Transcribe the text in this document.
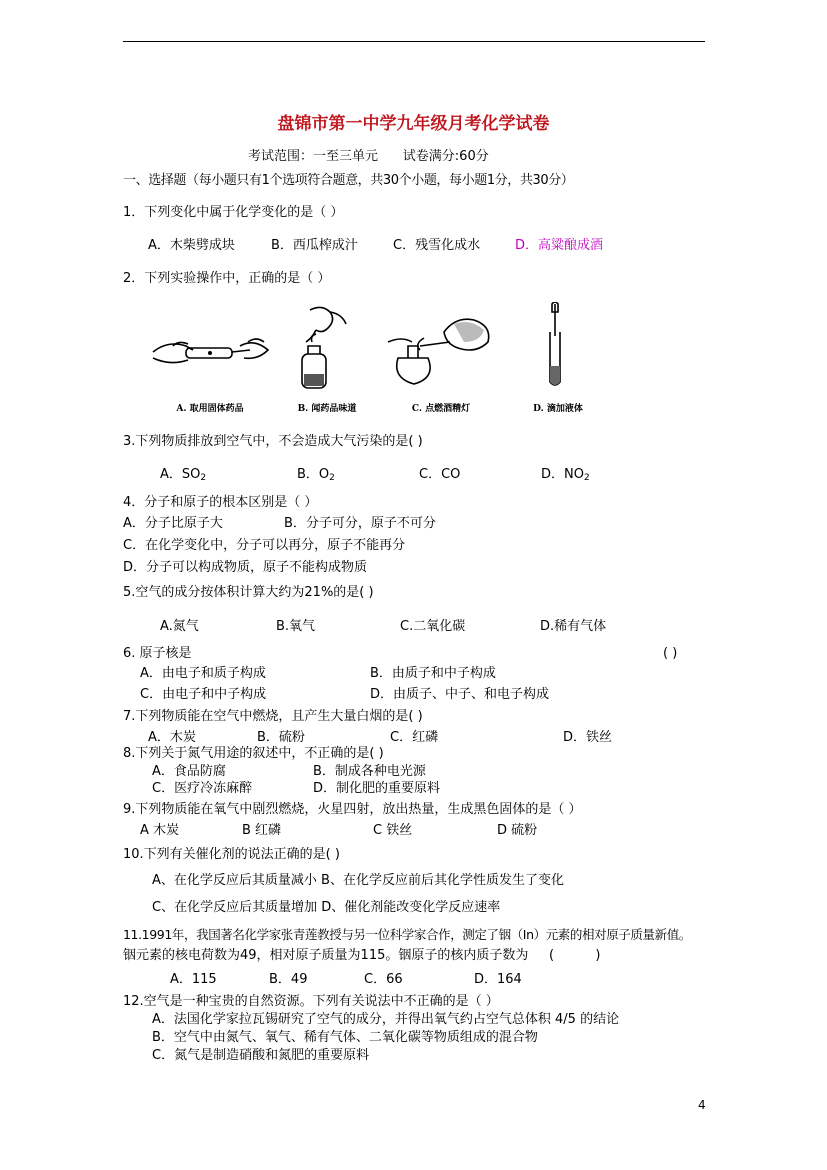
盘锦市第一中学九年级月考化学试卷
考试范围：一至三单元      试卷满分:60分
一、选择题（每小题只有1个选项符合题意，共30个小题，每小题1分，共30分）
1．下列变化中属于化学变化的是（ ）
A．木柴劈成块	B．西瓜榨成汁	C．残雪化成水	D．高粱酿成酒
2．下列实验操作中，正确的是（ ）
A. 取用固体药品	B. 闻药品味道	C. 点燃酒精灯	D. 滴加液体
3.下列物质排放到空气中，不会造成大气污染的是( )
A．$SO_2$	B．$O_2$	C．CO	D．$NO_2$
4．分子和原子的根本区别是（ ）
A．分子比原子大	B．分子可分，原子不可分
C．在化学变化中，分子可以再分，原子不能再分
D．分子可以构成物质，原子不能构成物质
5.空气的成分按体积计算大约为21%的是( )
A.氮气	B.氧气	C.二氧化碳	D.稀有气体
6. 原子核是	( )
A．由电子和质子构成	B．由质子和中子构成
C．由电子和中子构成	D．由质子、中子、和电子构成
7.下列物质能在空气中燃烧，且产生大量白烟的是( )
A．木炭	B．硫粉	C．红磷	D．铁丝
8.下列关于氮气用途的叙述中，不正确的是( )
A．食品防腐	B．制成各种电光源
C．医疗冷冻麻醉	D．制化肥的重要原料
9.下列物质能在氧气中剧烈燃烧，火星四射，放出热量，生成黑色固体的是（ ）
A 木炭	B 红磷	C 铁丝	D 硫粉
10.下列有关催化剂的说法正确的是( )
A、在化学反应后其质量减小 B、在化学反应前后其化学性质发生了变化
C、在化学反应后其质量增加 D、催化剂能改变化学反应速率
11.1991年，我国著名化学家张青莲教授与另一位科学家合作，测定了铟（In）元素的相对原子质量新值。
铟元素的核电荷数为49，相对原子质量为115。铟原子的核内质子数为     (          )
A．115	B．49	C．66	D．164
12.空气是一种宝贵的自然资源。下列有关说法中不正确的是（ ）
A．法国化学家拉瓦锡研究了空气的成分，并得出氧气约占空气总体积 4/5 的结论
B．空气中由氮气、氧气、稀有气体、二氧化碳等物质组成的混合物
C．氮气是制造硝酸和氮肥的重要原料
4
